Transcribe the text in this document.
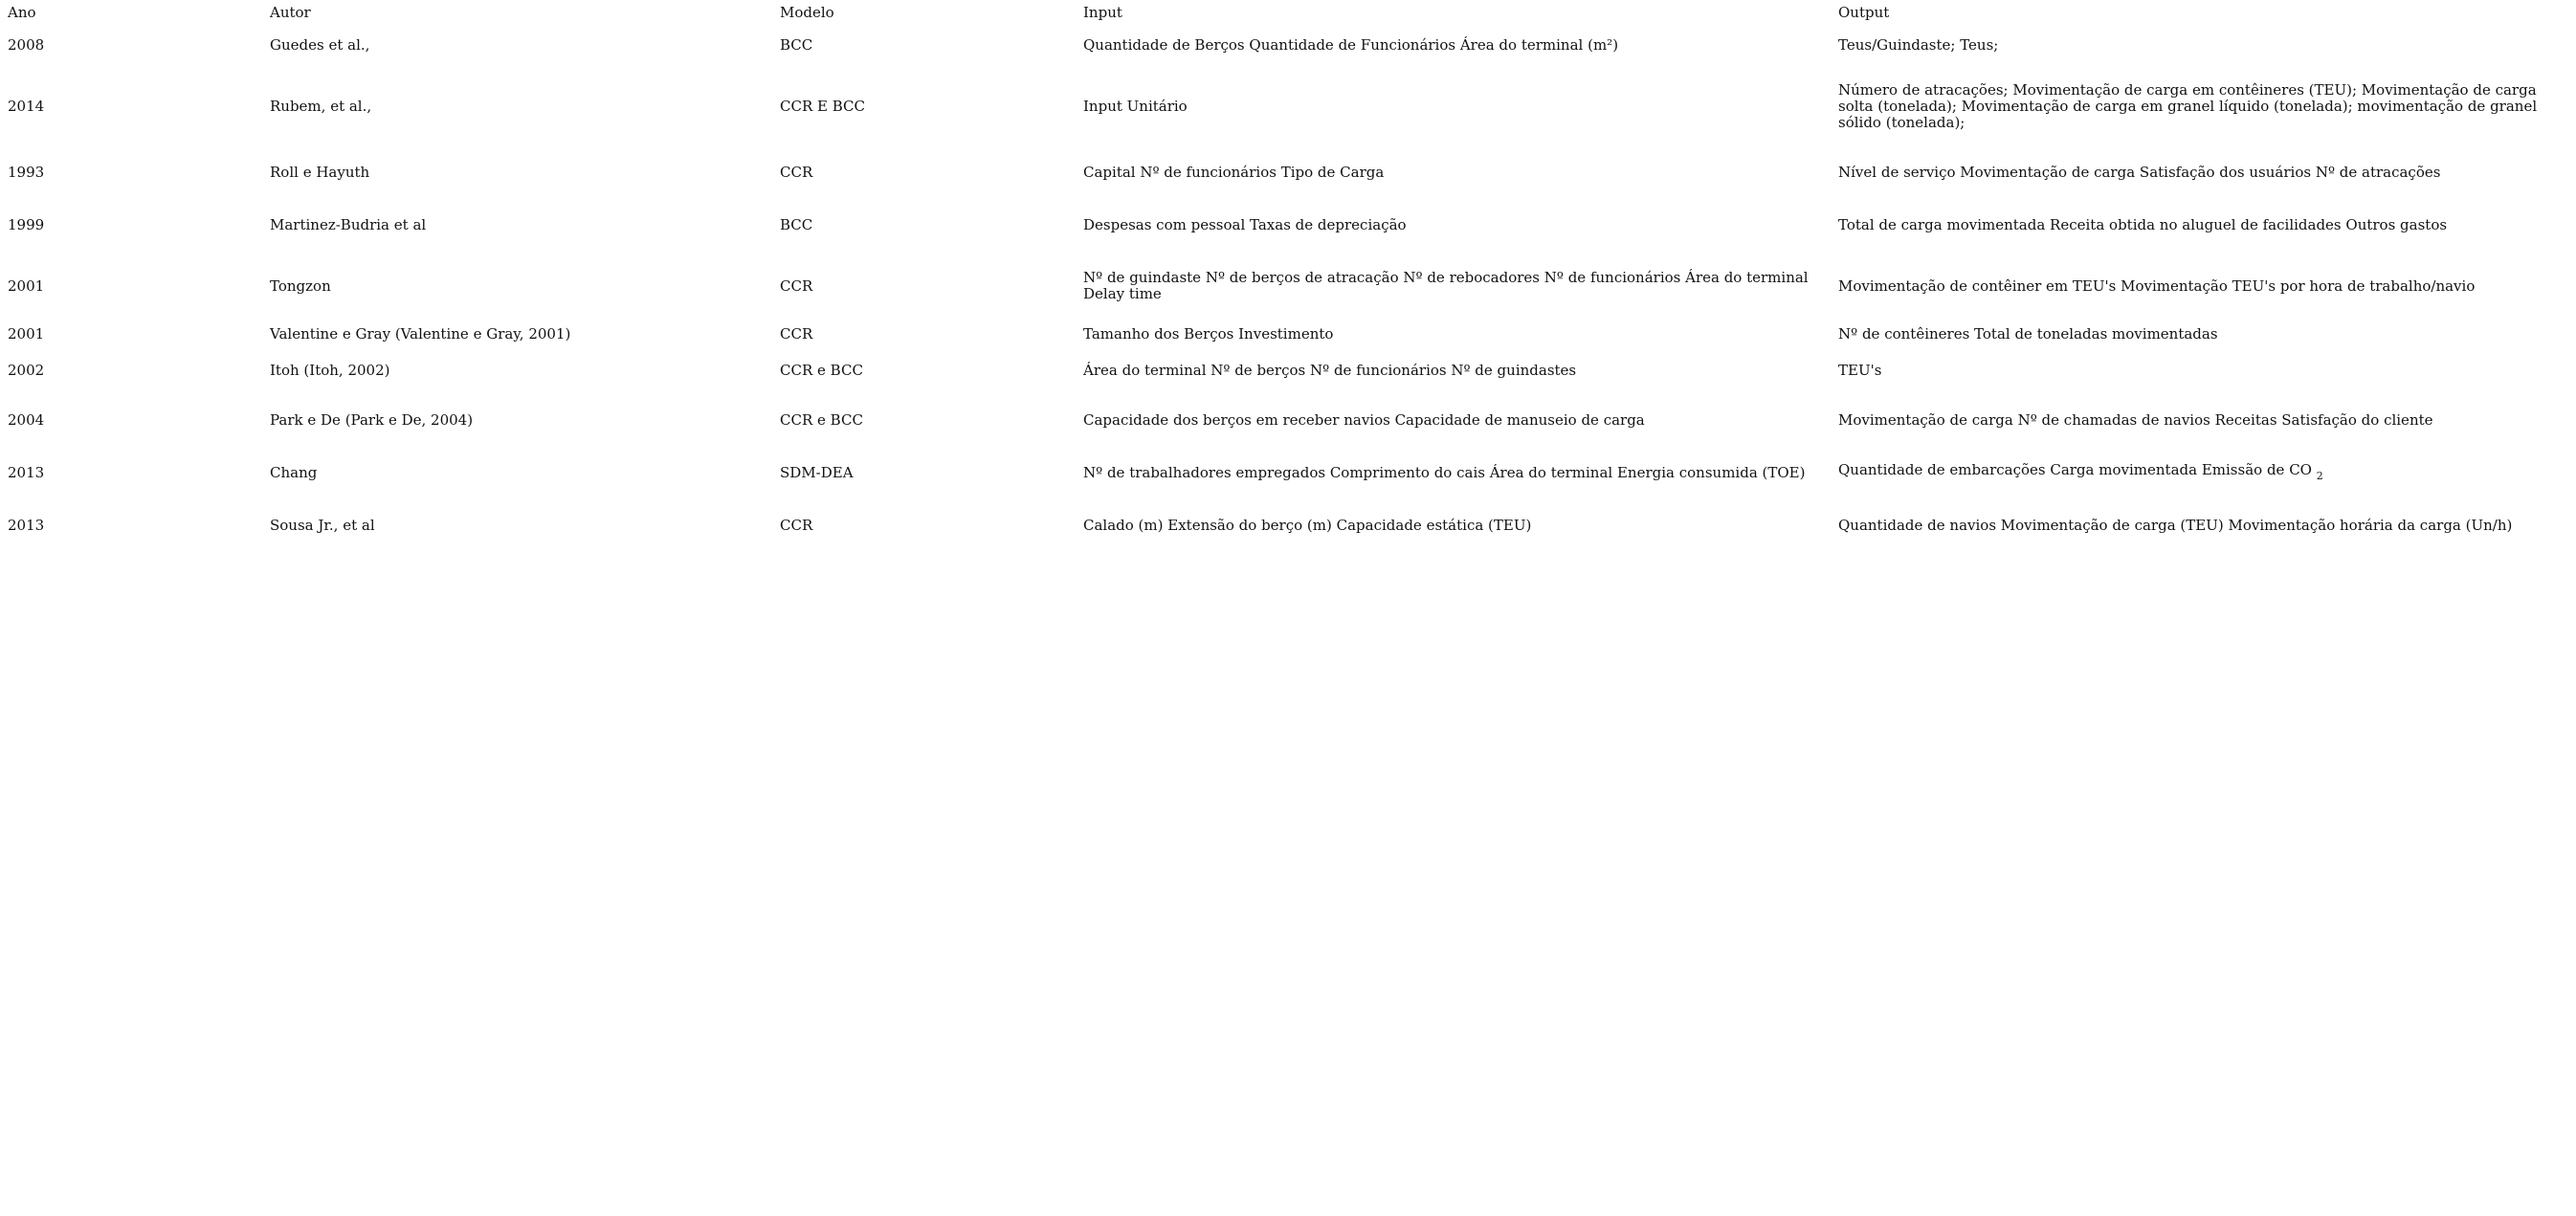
Ano	Autor	Modelo	Input	Output
2008	Guedes et al.,	BCC	Quantidade de Berços Quantidade de Funcionários Área do terminal (m²)	Teus/Guindaste; Teus;
2014	Rubem, et al.,	CCR E BCC	Input Unitário	Número de atracações; Movimentação de carga em contêineres (TEU); Movimentação de carga solta (tonelada); Movimentação de carga em granel líquido (tonelada); movimentação de granel sólido (tonelada);
1993	Roll e Hayuth	CCR	Capital Nº de funcionários Tipo de Carga	Nível de serviço Movimentação de carga Satisfação dos usuários Nº de atracações
1999	Martinez-Budria et al	BCC	Despesas com pessoal Taxas de depreciação	Total de carga movimentada Receita obtida no aluguel de facilidades Outros gastos
2001	Tongzon	CCR	Nº de guindaste Nº de berços de atracação Nº de rebocadores Nº de funcionários Área do terminal Delay time	Movimentação de contêiner em TEU's Movimentação TEU's por hora de trabalho/navio
2001	Valentine e Gray (Valentine e Gray, 2001)	CCR	Tamanho dos Berços Investimento	Nº de contêineres Total de toneladas movimentadas
2002	Itoh (Itoh, 2002)	CCR e BCC	Área do terminal Nº de berços Nº de funcionários Nº de guindastes	TEU's
2004	Park e De (Park e De, 2004)	CCR e BCC	Capacidade dos berços em receber navios Capacidade de manuseio de carga	Movimentação de carga Nº de chamadas de navios Receitas Satisfação do cliente
2013	Chang	SDM-DEA	Nº de trabalhadores empregados Comprimento do cais Área do terminal Energia consumida (TOE)	Quantidade de embarcações Carga movimentada Emissão de CO $_2$
2013	Sousa Jr., et al	CCR	Calado (m) Extensão do berço (m) Capacidade estática (TEU)	Quantidade de navios Movimentação de carga (TEU) Movimentação horária da carga (Un/h)
